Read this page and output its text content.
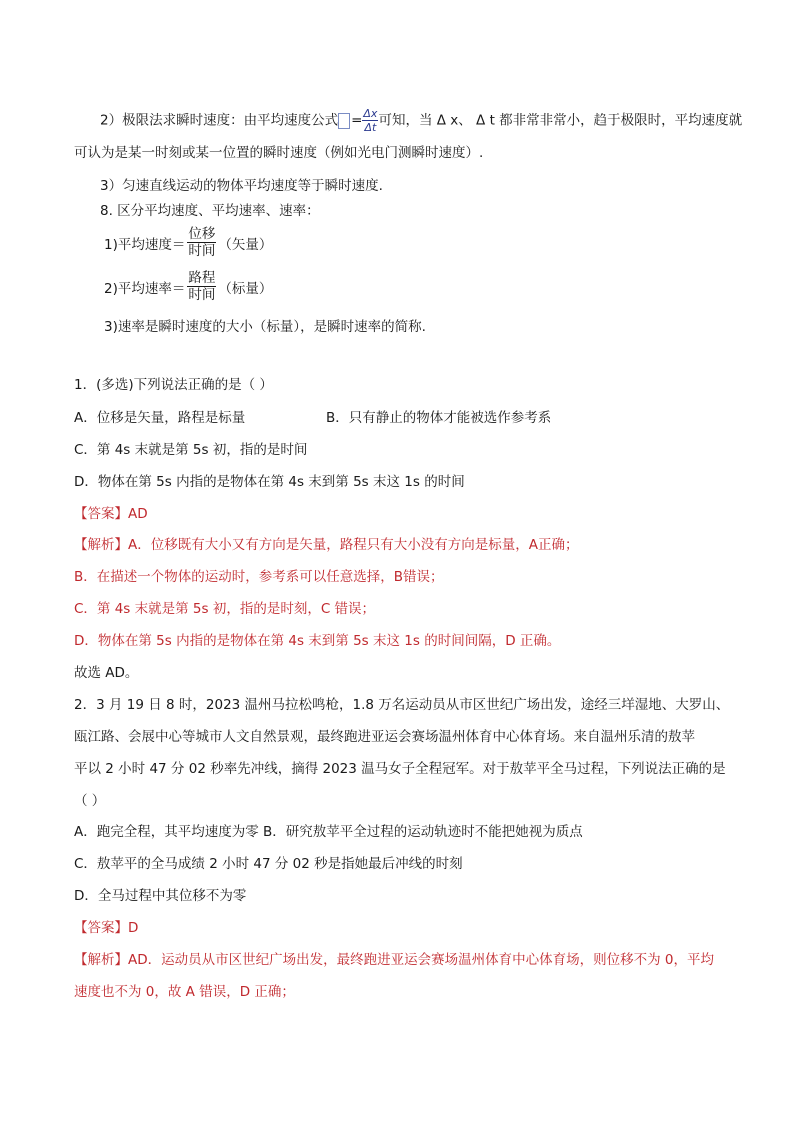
2）极限法求瞬时速度：由平均速度公式 = $\frac{\Delta x}{\Delta t}$ 可知，当 Δ x、 Δ t 都非常非常小，趋于极限时，平均速度就
可认为是某一时刻或某一位置的瞬时速度（例如光电门测瞬时速度）.
3）匀速直线运动的物体平均速度等于瞬时速度.
8. 区分平均速度、平均速率、速率：
1)平均速度＝ $\frac{\text{位移}}{\text{时间}}$ （矢量）
2)平均速率＝ $\frac{\text{路程}}{\text{时间}}$ （标量）
3)速率是瞬时速度的大小（标量），是瞬时速率的简称.
1．(多选)下列说法正确的是（ ）
A．位移是矢量，路程是标量	B．只有静止的物体才能被选作参考系
C．第 4s 末就是第 5s 初，指的是时间
D．物体在第 5s 内指的是物体在第 4s 末到第 5s 末这 1s 的时间
【答案】AD
【解析】A．位移既有大小又有方向是矢量，路程只有大小没有方向是标量，A正确；
B．在描述一个物体的运动时，参考系可以任意选择，B错误；
C．第 4s 末就是第 5s 初，指的是时刻，C 错误；
D．物体在第 5s 内指的是物体在第 4s 末到第 5s 末这 1s 的时间间隔，D 正确。
故选 AD。
2．3 月 19 日 8 时，2023 温州马拉松鸣枪，1.8 万名运动员从市区世纪广场出发，途经三垟湿地、大罗山、
瓯江路、会展中心等城市人文自然景观，最终跑进亚运会赛场温州体育中心体育场。来自温州乐清的敖苹
平以 2 小时 47 分 02 秒率先冲线，摘得 2023 温马女子全程冠军。对于敖苹平全马过程，下列说法正确的是
（ ）
A．跑完全程，其平均速度为零 B．研究敖苹平全过程的运动轨迹时不能把她视为质点
C．敖苹平的全马成绩 2 小时 47 分 02 秒是指她最后冲线的时刻
D．全马过程中其位移不为零
【答案】D
【解析】AD．运动员从市区世纪广场出发，最终跑进亚运会赛场温州体育中心体育场，则位移不为 0，平均
速度也不为 0，故 A 错误，D 正确；
